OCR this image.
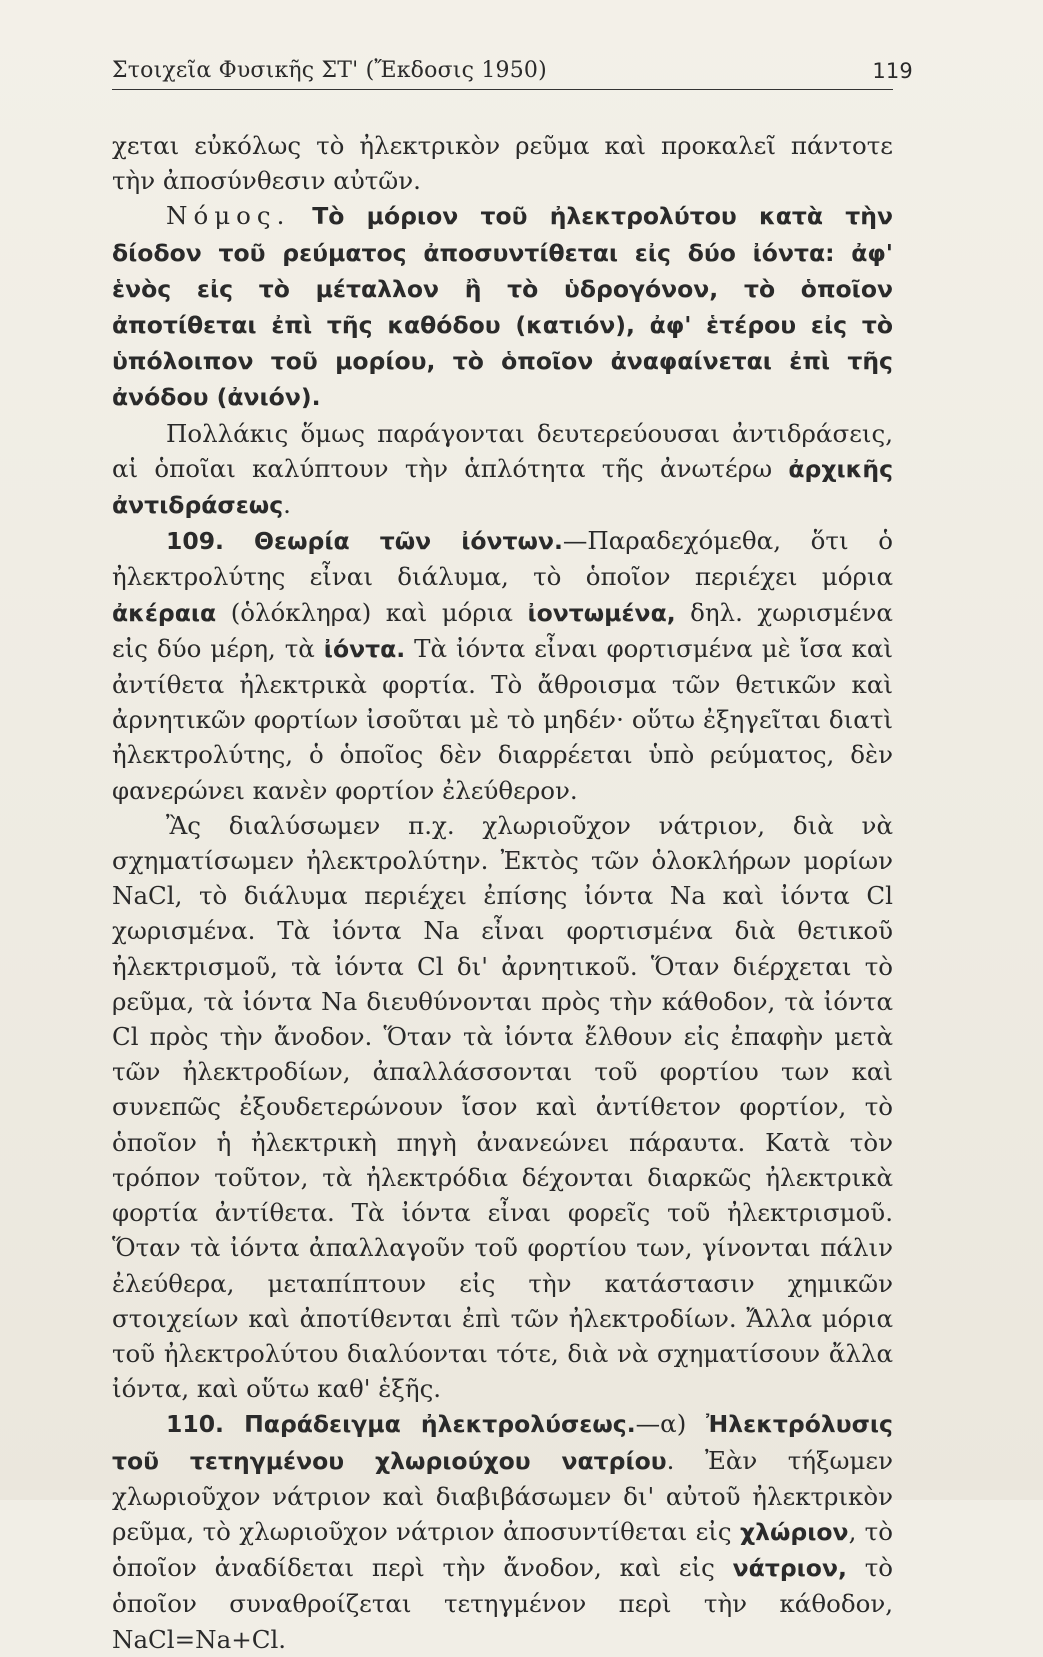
Στοιχεῖα Φυσικῆς ΣΤ' (Ἔκδοσις 1950)	119

χεται εὐκόλως τὸ ἠλεκτρικὸν ρεῦμα καὶ προκαλεῖ πάντοτε τὴν ἀποσύνθεσιν αὐτῶν.

Νόμος. Τὸ μόριον τοῦ ἠλεκτρολύτου κατὰ τὴν δίοδον τοῦ ρεύματος ἀποσυντίθεται εἰς δύο ἰόντα: ἀφ' ἑνὸς εἰς τὸ μέταλλον ἢ τὸ ὑδρογόνον, τὸ ὁποῖον ἀποτίθεται ἐπὶ τῆς καθόδου (κατιόν), ἀφ' ἑτέρου εἰς τὸ ὑπόλοιπον τοῦ μορίου, τὸ ὁποῖον ἀναφαίνεται ἐπὶ τῆς ἀνόδου (ἀνιόν).

Πολλάκις ὅμως παράγονται δευτερεύουσαι ἀντιδράσεις, αἱ ὁποῖαι καλύπτουν τὴν ἁπλότητα τῆς ἀνωτέρω ἀρχικῆς ἀντιδράσεως.

109. Θεωρία τῶν ἰόντων.—Παραδεχόμεθα, ὅτι ὁ ἠλεκτρολύτης εἶναι διάλυμα, τὸ ὁποῖον περιέχει μόρια ἀκέραια (ὁλόκληρα) καὶ μόρια ἰοντωμένα, δηλ. χωρισμένα εἰς δύο μέρη, τὰ ἰόντα. Τὰ ἰόντα εἶναι φορτισμένα μὲ ἴσα καὶ ἀντίθετα ἠλεκτρικὰ φορτία. Τὸ ἄθροισμα τῶν θετικῶν καὶ ἀρνητικῶν φορτίων ἰσοῦται μὲ τὸ μηδέν· οὕτω ἐξηγεῖται διατὶ ἠλεκτρολύτης, ὁ ὁποῖος δὲν διαρρέεται ὑπὸ ρεύματος, δὲν φανερώνει κανὲν φορτίον ἐλεύθερον.

Ἂς διαλύσωμεν π.χ. χλωριοῦχον νάτριον, διὰ νὰ σχηματίσωμεν ἠλεκτρολύτην. Ἐκτὸς τῶν ὁλοκλήρων μορίων NaCl, τὸ διάλυμα περιέχει ἐπίσης ἰόντα Na καὶ ἰόντα Cl χωρισμένα. Τὰ ἰόντα Na εἶναι φορτισμένα διὰ θετικοῦ ἠλεκτρισμοῦ, τὰ ἰόντα Cl δι' ἀρνητικοῦ. Ὅταν διέρχεται τὸ ρεῦμα, τὰ ἰόντα Na διευθύνονται πρὸς τὴν κάθοδον, τὰ ἰόντα Cl πρὸς τὴν ἄνοδον. Ὅταν τὰ ἰόντα ἔλθουν εἰς ἐπαφὴν μετὰ τῶν ἠλεκτροδίων, ἀπαλλάσσονται τοῦ φορτίου των καὶ συνεπῶς ἐξουδετερώνουν ἴσον καὶ ἀντίθετον φορτίον, τὸ ὁποῖον ἡ ἠλεκτρικὴ πηγὴ ἀνανεώνει πάραυτα. Κατὰ τὸν τρόπον τοῦτον, τὰ ἠλεκτρόδια δέχονται διαρκῶς ἠλεκτρικὰ φορτία ἀντίθετα. Τὰ ἰόντα εἶναι φορεῖς τοῦ ἠλεκτρισμοῦ. Ὅταν τὰ ἰόντα ἀπαλλαγοῦν τοῦ φορτίου των, γίνονται πάλιν ἐλεύθερα, μεταπίπτουν εἰς τὴν κατάστασιν χημικῶν στοιχείων καὶ ἀποτίθενται ἐπὶ τῶν ἠλεκτροδίων. Ἄλλα μόρια τοῦ ἠλεκτρολύτου διαλύονται τότε, διὰ νὰ σχηματίσουν ἄλλα ἰόντα, καὶ οὕτω καθ' ἑξῆς.

110. Παράδειγμα ἠλεκτρολύσεως.—α) Ἠλεκτρόλυσις τοῦ τετηγμένου χλωριούχου νατρίου. Ἐὰν τήξωμεν χλωριοῦχον νάτριον καὶ διαβιβάσωμεν δι' αὐτοῦ ἠλεκτρικὸν ρεῦμα, τὸ χλωριοῦχον νάτριον ἀποσυντίθεται εἰς χλώριον, τὸ ὁποῖον ἀναδίδεται περὶ τὴν ἄνοδον, καὶ εἰς νάτριον, τὸ ὁποῖον συναθροίζεται τετηγμένον περὶ τὴν κάθοδον, NaCl=Na+Cl.
